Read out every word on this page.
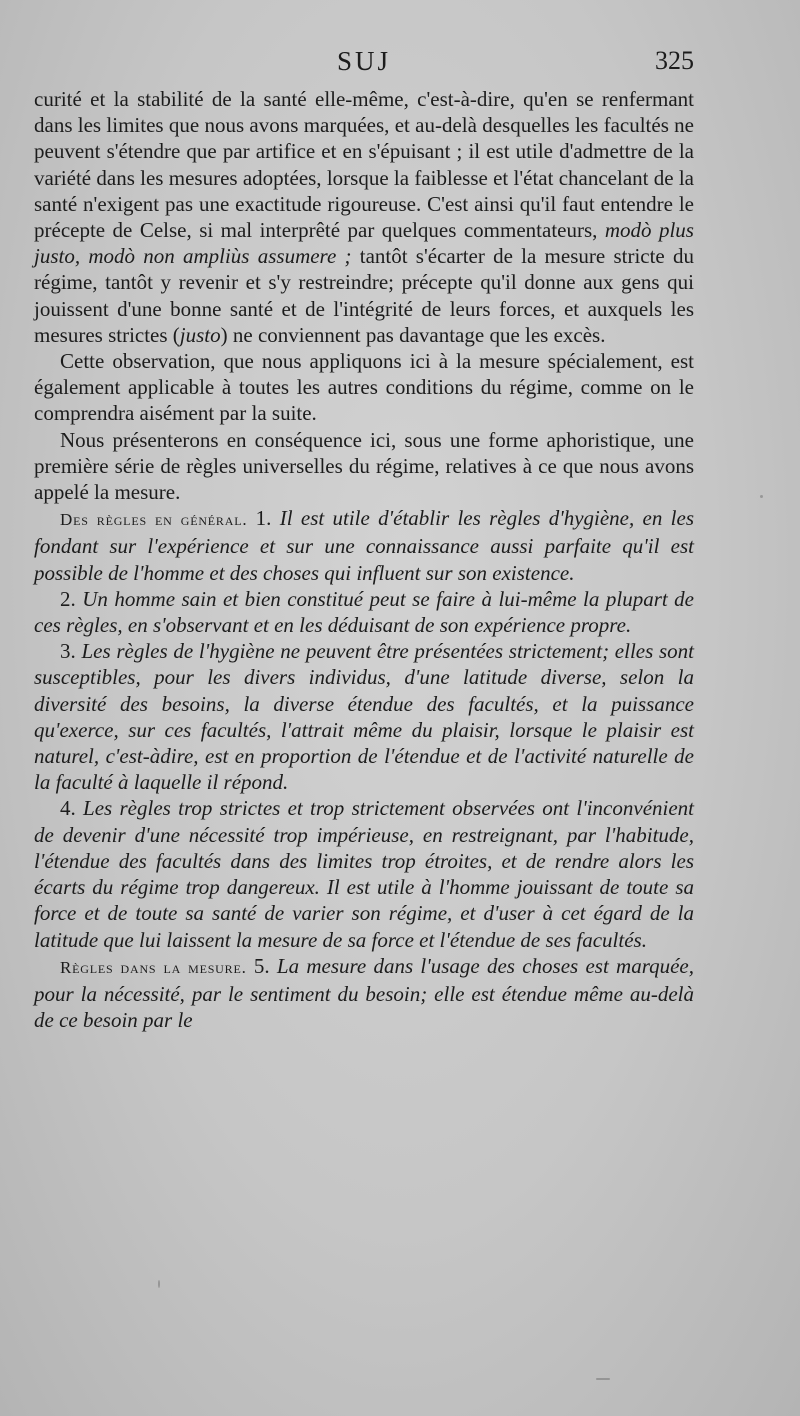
SUJ	325

curité et la stabilité de la santé elle-même, c'est-à-dire, qu'en se renfermant dans les limites que nous avons marquées, et au-delà desquelles les facultés ne peuvent s'étendre que par artifice et en s'épuisant ; il est utile d'admettre de la variété dans les mesures adoptées, lorsque la faiblesse et l'état chancelant de la santé n'exigent pas une exactitude rigoureuse. C'est ainsi qu'il faut entendre le précepte de Celse, si mal interprêté par quelques commentateurs, modò plus justo, modò non ampliùs assumere ; tantôt s'écarter de la mesure stricte du régime, tantôt y revenir et s'y restreindre; précepte qu'il donne aux gens qui jouissent d'une bonne santé et de l'intégrité de leurs forces, et auxquels les mesures strictes (justo) ne conviennent pas davantage que les excès.

Cette observation, que nous appliquons ici à la mesure spécialement, est également applicable à toutes les autres conditions du régime, comme on le comprendra aisément par la suite.

Nous présenterons en conséquence ici, sous une forme aphoristique, une première série de règles universelles du régime, relatives à ce que nous avons appelé la mesure.

Des règles en général. 1. Il est utile d'établir les règles d'hygiène, en les fondant sur l'expérience et sur une connaissance aussi parfaite qu'il est possible de l'homme et des choses qui influent sur son existence.

2. Un homme sain et bien constitué peut se faire à lui-même la plupart de ces règles, en s'observant et en les déduisant de son expérience propre.

3. Les règles de l'hygiène ne peuvent être présentées strictement; elles sont susceptibles, pour les divers individus, d'une latitude diverse, selon la diversité des besoins, la diverse étendue des facultés, et la puissance qu'exerce, sur ces facultés, l'attrait même du plaisir, lorsque le plaisir est naturel, c'est-àdire, est en proportion de l'étendue et de l'activité naturelle de la faculté à laquelle il répond.

4. Les règles trop strictes et trop strictement observées ont l'inconvénient de devenir d'une nécessité trop impérieuse, en restreignant, par l'habitude, l'étendue des facultés dans des limites trop étroites, et de rendre alors les écarts du régime trop dangereux. Il est utile à l'homme jouissant de toute sa force et de toute sa santé de varier son régime, et d'user à cet égard de la latitude que lui laissent la mesure de sa force et l'étendue de ses facultés.

Règles dans la mesure. 5. La mesure dans l'usage des choses est marquée, pour la nécessité, par le sentiment du besoin; elle est étendue même au-delà de ce besoin par le
